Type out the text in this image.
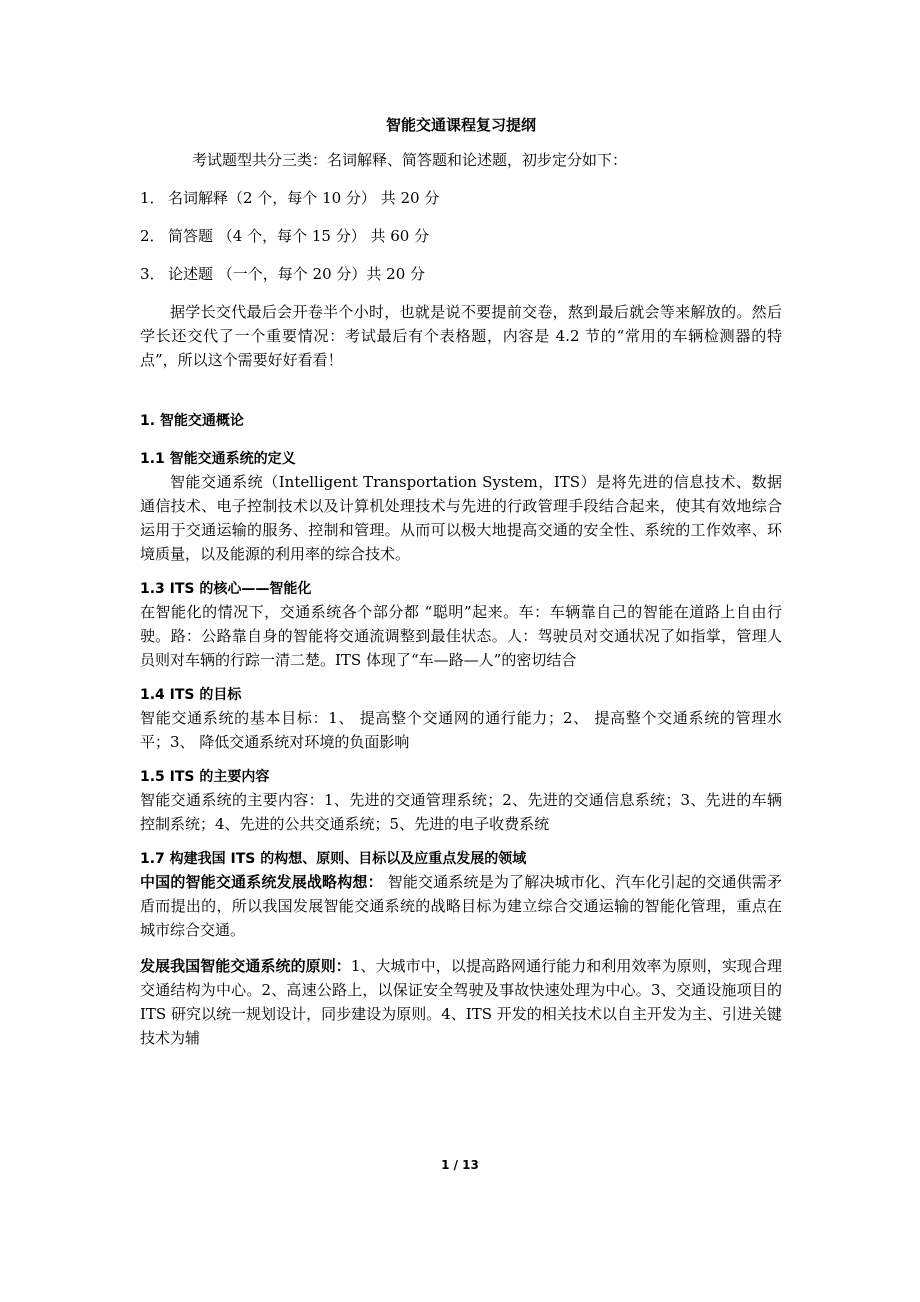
智能交通课程复习提纲

考试题型共分三类：名词解释、简答题和论述题，初步定分如下：

1． 名词解释（2 个，每个 10 分） 共 20 分
2． 简答题 （4 个，每个 15 分） 共 60 分
3． 论述题 （一个，每个 20 分）共 20 分

据学长交代最后会开卷半个小时，也就是说不要提前交卷，熬到最后就会等来解放的。然后学长还交代了一个重要情况：考试最后有个表格题，内容是 4.2 节的“常用的车辆检测器的特点”，所以这个需要好好看看！

1. 智能交通概论
1.1 智能交通系统的定义

智能交通系统（Intelligent Transportation System，ITS）是将先进的信息技术、数据通信技术、电子控制技术以及计算机处理技术与先进的行政管理手段结合起来，使其有效地综合运用于交通运输的服务、控制和管理。从而可以极大地提高交通的安全性、系统的工作效率、环境质量，以及能源的利用率的综合技术。

1.3 ITS 的核心——智能化

在智能化的情况下，交通系统各个部分都 “聪明”起来。车：车辆靠自己的智能在道路上自由行驶。路：公路靠自身的智能将交通流调整到最佳状态。人：驾驶员对交通状况了如指掌，管理人员则对车辆的行踪一清二楚。ITS 体现了“车—路—人”的密切结合

1.4 ITS 的目标

智能交通系统的基本目标：1、 提高整个交通网的通行能力；2、 提高整个交通系统的管理水平；3、 降低交通系统对环境的负面影响

1.5 ITS 的主要内容

智能交通系统的主要内容：1、先进的交通管理系统；2、先进的交通信息系统；3、先进的车辆控制系统；4、先进的公共交通系统；5、先进的电子收费系统

1.7 构建我国 ITS 的构想、原则、目标以及应重点发展的领域

中国的智能交通系统发展战略构想： 智能交通系统是为了解决城市化、汽车化引起的交通供需矛盾而提出的，所以我国发展智能交通系统的战略目标为建立综合交通运输的智能化管理，重点在城市综合交通。

发展我国智能交通系统的原则：1、大城市中，以提高路网通行能力和利用效率为原则，实现合理交通结构为中心。2、高速公路上，以保证安全驾驶及事故快速处理为中心。3、交通设施项目的 ITS 研究以统一规划设计，同步建设为原则。4、ITS 开发的相关技术以自主开发为主、引进关键技术为辅

1 / 13
